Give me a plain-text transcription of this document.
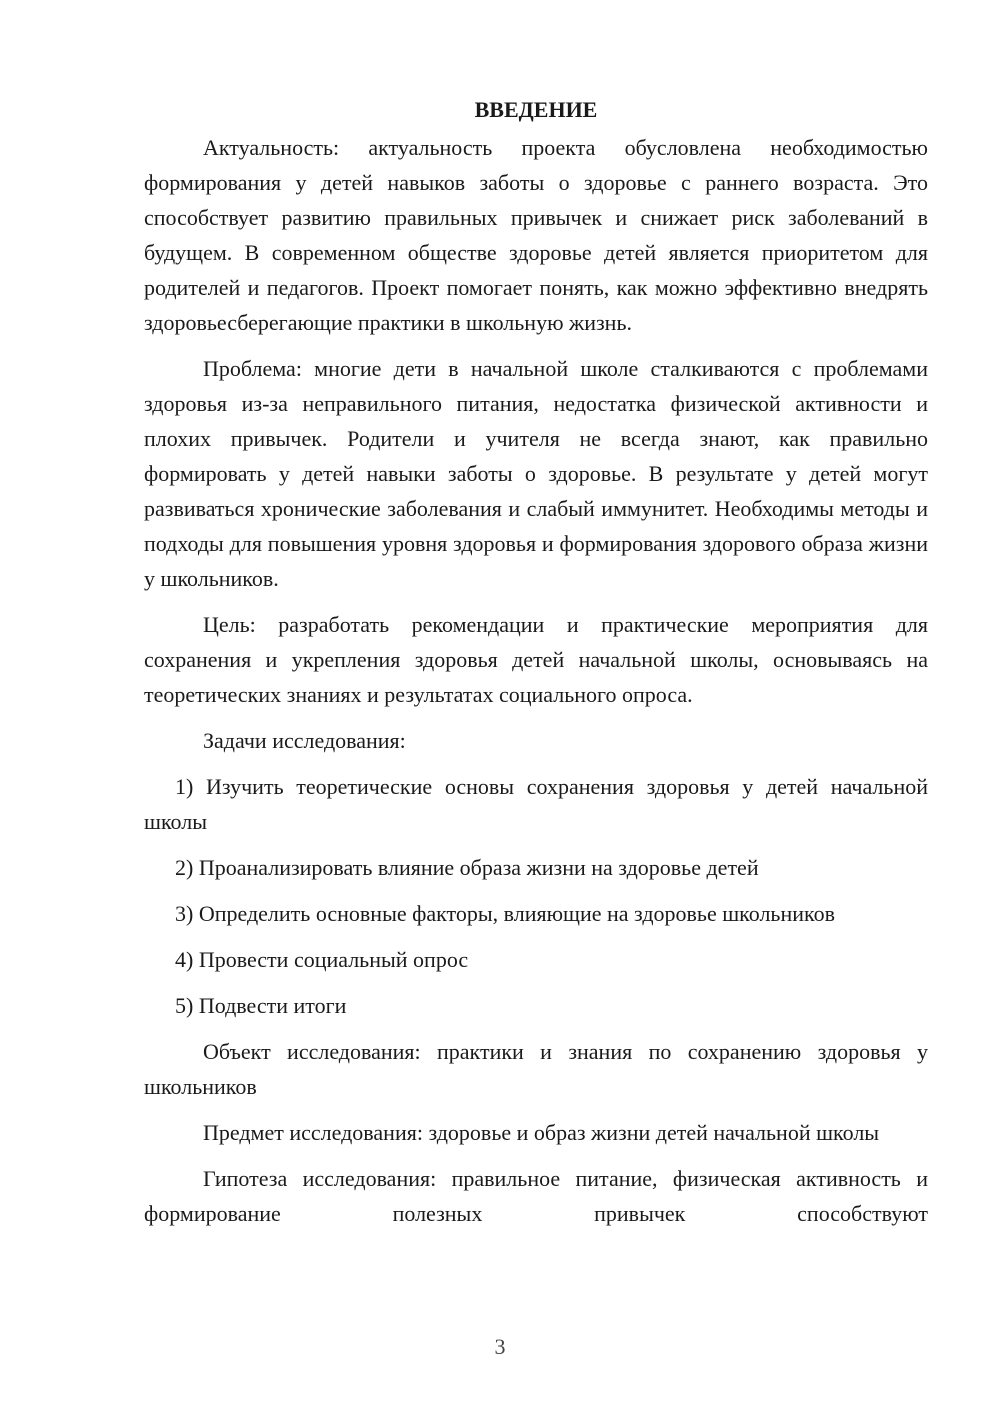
ВВЕДЕНИЕ

Актуальность: актуальность проекта обусловлена необходимостью формирования у детей навыков заботы о здоровье с раннего возраста. Это способствует развитию правильных привычек и снижает риск заболеваний в будущем. В современном обществе здоровье детей является приоритетом для родителей и педагогов. Проект помогает понять, как можно эффективно внедрять здоровьесберегающие практики в школьную жизнь.

Проблема: многие дети в начальной школе сталкиваются с проблемами здоровья из-за неправильного питания, недостатка физической активности и плохих привычек. Родители и учителя не всегда знают, как правильно формировать у детей навыки заботы о здоровье. В результате у детей могут развиваться хронические заболевания и слабый иммунитет. Необходимы методы и подходы для повышения уровня здоровья и формирования здорового образа жизни у школьников.

Цель: разработать рекомендации и практические мероприятия для сохранения и укрепления здоровья детей начальной школы, основываясь на теоретических знаниях и результатах социального опроса.

Задачи исследования:

1) Изучить теоретические основы сохранения здоровья у детей начальной школы

2) Проанализировать влияние образа жизни на здоровье детей

3) Определить основные факторы, влияющие на здоровье школьников

4) Провести социальный опрос

5) Подвести итоги

Объект исследования: практики и знания по сохранению здоровья у школьников

Предмет исследования: здоровье и образ жизни детей начальной школы

Гипотеза исследования: правильное питание, физическая активность и формирование полезных привычек способствуют

3
